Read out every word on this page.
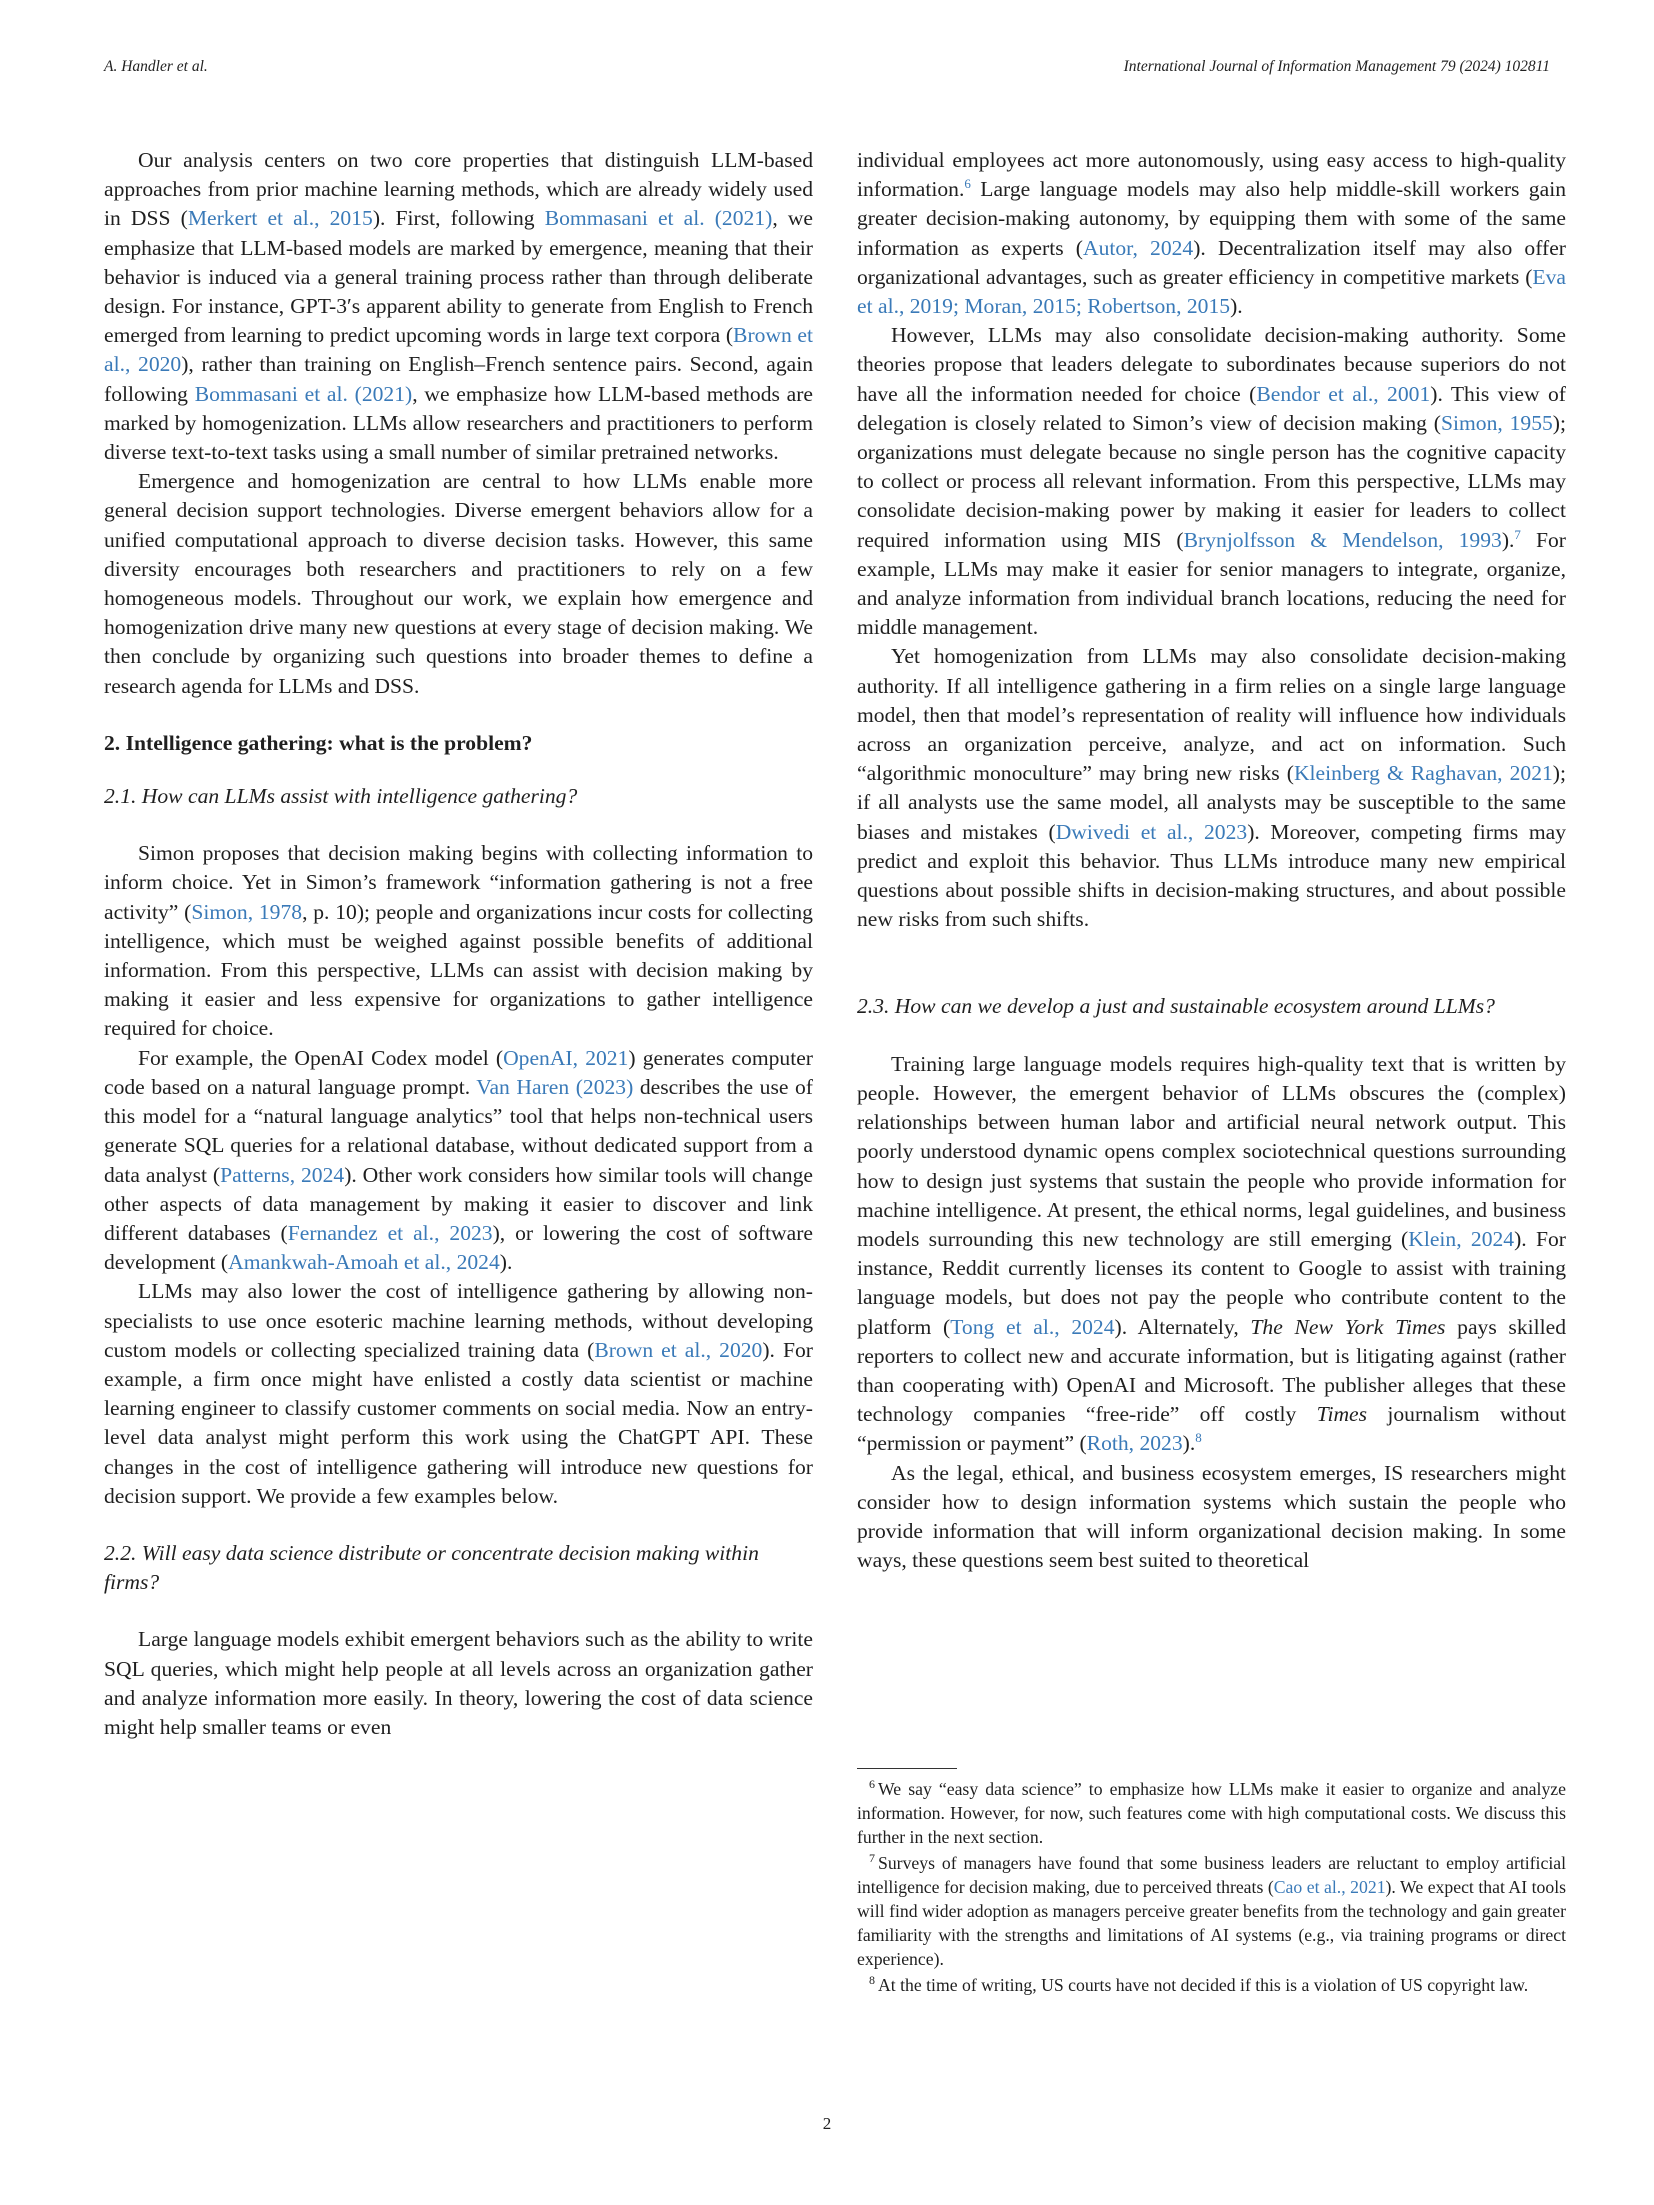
A. Handler et al.	International Journal of Information Management 79 (2024) 102811

Our analysis centers on two core properties that distinguish LLM-based approaches from prior machine learning methods, which are already widely used in DSS (Merkert et al., 2015). First, following Bommasani et al. (2021), we emphasize that LLM-based models are marked by emergence, meaning that their behavior is induced via a general training process rather than through deliberate design. For instance, GPT-3′s apparent ability to generate from English to French emerged from learning to predict upcoming words in large text corpora (Brown et al., 2020), rather than training on English–French sentence pairs. Second, again following Bommasani et al. (2021), we emphasize how LLM-based methods are marked by homogenization. LLMs allow researchers and practitioners to perform diverse text-to-text tasks using a small number of similar pretrained networks.

Emergence and homogenization are central to how LLMs enable more general decision support technologies. Diverse emergent behaviors allow for a unified computational approach to diverse decision tasks. However, this same diversity encourages both researchers and practitioners to rely on a few homogeneous models. Throughout our work, we explain how emergence and homogenization drive many new questions at every stage of decision making. We then conclude by organizing such questions into broader themes to define a research agenda for LLMs and DSS.

2. Intelligence gathering: what is the problem?
2.1. How can LLMs assist with intelligence gathering?

Simon proposes that decision making begins with collecting information to inform choice. Yet in Simon’s framework “information gathering is not a free activity” (Simon, 1978, p. 10); people and organizations incur costs for collecting intelligence, which must be weighed against possible benefits of additional information. From this perspective, LLMs can assist with decision making by making it easier and less expensive for organizations to gather intelligence required for choice.

For example, the OpenAI Codex model (OpenAI, 2021) generates computer code based on a natural language prompt. Van Haren (2023) describes the use of this model for a “natural language analytics” tool that helps non-technical users generate SQL queries for a relational database, without dedicated support from a data analyst (Patterns, 2024). Other work considers how similar tools will change other aspects of data management by making it easier to discover and link different databases (Fernandez et al., 2023), or lowering the cost of software development (Amankwah-Amoah et al., 2024).

LLMs may also lower the cost of intelligence gathering by allowing non-specialists to use once esoteric machine learning methods, without developing custom models or collecting specialized training data (Brown et al., 2020). For example, a firm once might have enlisted a costly data scientist or machine learning engineer to classify customer comments on social media. Now an entry-level data analyst might perform this work using the ChatGPT API. These changes in the cost of intelligence gathering will introduce new questions for decision support. We provide a few examples below.

2.2. Will easy data science distribute or concentrate decision making within firms?

Large language models exhibit emergent behaviors such as the ability to write SQL queries, which might help people at all levels across an organization gather and analyze information more easily. In theory, lowering the cost of data science might help smaller teams or even

individual employees act more autonomously, using easy access to high-quality information.$^6$ Large language models may also help middle-skill workers gain greater decision-making autonomy, by equipping them with some of the same information as experts (Autor, 2024). Decentralization itself may also offer organizational advantages, such as greater efficiency in competitive markets (Eva et al., 2019; Moran, 2015; Robertson, 2015).

However, LLMs may also consolidate decision-making authority. Some theories propose that leaders delegate to subordinates because superiors do not have all the information needed for choice (Bendor et al., 2001). This view of delegation is closely related to Simon’s view of decision making (Simon, 1955); organizations must delegate because no single person has the cognitive capacity to collect or process all relevant information. From this perspective, LLMs may consolidate decision-making power by making it easier for leaders to collect required information using MIS (Brynjolfsson & Mendelson, 1993).$^7$ For example, LLMs may make it easier for senior managers to integrate, organize, and analyze information from individual branch locations, reducing the need for middle management.

Yet homogenization from LLMs may also consolidate decision-making authority. If all intelligence gathering in a firm relies on a single large language model, then that model’s representation of reality will influence how individuals across an organization perceive, analyze, and act on information. Such “algorithmic monoculture” may bring new risks (Kleinberg & Raghavan, 2021); if all analysts use the same model, all analysts may be susceptible to the same biases and mistakes (Dwivedi et al., 2023). Moreover, competing firms may predict and exploit this behavior. Thus LLMs introduce many new empirical questions about possible shifts in decision-making structures, and about possible new risks from such shifts.

2.3. How can we develop a just and sustainable ecosystem around LLMs?

Training large language models requires high-quality text that is written by people. However, the emergent behavior of LLMs obscures the (complex) relationships between human labor and artificial neural network output. This poorly understood dynamic opens complex sociotechnical questions surrounding how to design just systems that sustain the people who provide information for machine intelligence. At present, the ethical norms, legal guidelines, and business models surrounding this new technology are still emerging (Klein, 2024). For instance, Reddit currently licenses its content to Google to assist with training language models, but does not pay the people who contribute content to the platform (Tong et al., 2024). Alternately, The New York Times pays skilled reporters to collect new and accurate information, but is litigating against (rather than cooperating with) OpenAI and Microsoft. The publisher alleges that these technology companies “free-ride” off costly Times journalism without “permission or payment” (Roth, 2023).$^8$

As the legal, ethical, and business ecosystem emerges, IS researchers might consider how to design information systems which sustain the people who provide information that will inform organizational decision making. In some ways, these questions seem best suited to theoretical

$^6$ We say “easy data science” to emphasize how LLMs make it easier to organize and analyze information. However, for now, such features come with high computational costs. We discuss this further in the next section.

$^7$ Surveys of managers have found that some business leaders are reluctant to employ artificial intelligence for decision making, due to perceived threats (Cao et al., 2021). We expect that AI tools will find wider adoption as managers perceive greater benefits from the technology and gain greater familiarity with the strengths and limitations of AI systems (e.g., via training programs or direct experience).

$^8$ At the time of writing, US courts have not decided if this is a violation of US copyright law.

2
